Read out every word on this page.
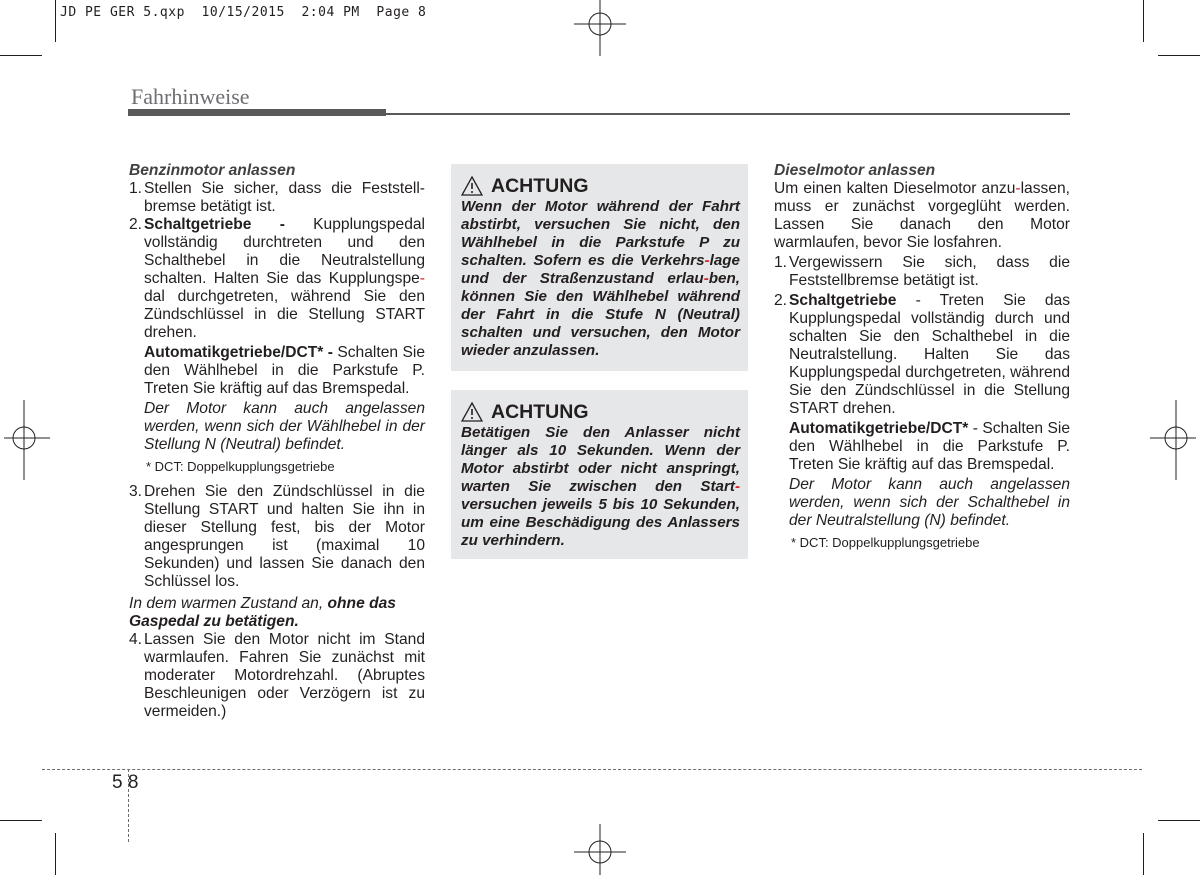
JD PE GER 5.qxp  10/15/2015  2:04 PM  Page 8
Fahrhinweise

Benzinmotor anlassen

1. Stellen Sie sicher, dass die Feststell-bremse betätigt ist.
2. Schaltgetriebe - Kupplungspedal vollständig durchtreten und den Schalthebel in die Neutralstellung schalten. Halten Sie das Kupplungspe-dal durchgetreten, während Sie den Zündschlüssel in die Stellung START drehen.

Automatikgetriebe/DCT* - Schalten Sie den Wählhebel in die Parkstufe P. Treten Sie kräftig auf das Bremspedal.

Der Motor kann auch angelassen werden, wenn sich der Wählhebel in der Stellung N (Neutral) befindet.

* DCT: Doppelkupplungsgetriebe

3. Drehen Sie den Zündschlüssel in die Stellung START und halten Sie ihn in dieser Stellung fest, bis der Motor angesprungen ist (maximal 10 Sekunden) und lassen Sie danach den Schlüssel los.

In dem warmen Zustand an, ohne das Gaspedal zu betätigen.

4. Lassen Sie den Motor nicht im Stand warmlaufen. Fahren Sie zunächst mit moderater Motordrehzahl. (Abruptes Beschleunigen oder Verzögern ist zu vermeiden.)
ACHTUNG
Wenn der Motor während der Fahrt abstirbt, versuchen Sie nicht, den Wählhebel in die Parkstufe P zu schalten. Sofern es die Verkehrs-lage und der Straßenzustand erlau-ben, können Sie den Wählhebel während der Fahrt in die Stufe N (Neutral) schalten und versuchen, den Motor wieder anzulassen.
ACHTUNG
Betätigen Sie den Anlasser nicht länger als 10 Sekunden. Wenn der Motor abstirbt oder nicht anspringt, warten Sie zwischen den Start-versuchen jeweils 5 bis 10 Sekunden, um eine Beschädigung des Anlassers zu verhindern.

Dieselmotor anlassen

Um einen kalten Dieselmotor anzu-lassen, muss er zunächst vorgeglüht werden. Lassen Sie danach den Motor warmlaufen, bevor Sie losfahren.

1. Vergewissern Sie sich, dass die Feststellbremse betätigt ist.
2. Schaltgetriebe - Treten Sie das Kupplungspedal vollständig durch und schalten Sie den Schalthebel in die Neutralstellung. Halten Sie das Kupplungspedal durchgetreten, während Sie den Zündschlüssel in die Stellung START drehen.

Automatikgetriebe/DCT* - Schalten Sie den Wählhebel in die Parkstufe P. Treten Sie kräftig auf das Bremspedal.

Der Motor kann auch angelassen werden, wenn sich der Schalthebel in der Neutralstellung (N) befindet.

* DCT: Doppelkupplungsgetriebe

5 8
